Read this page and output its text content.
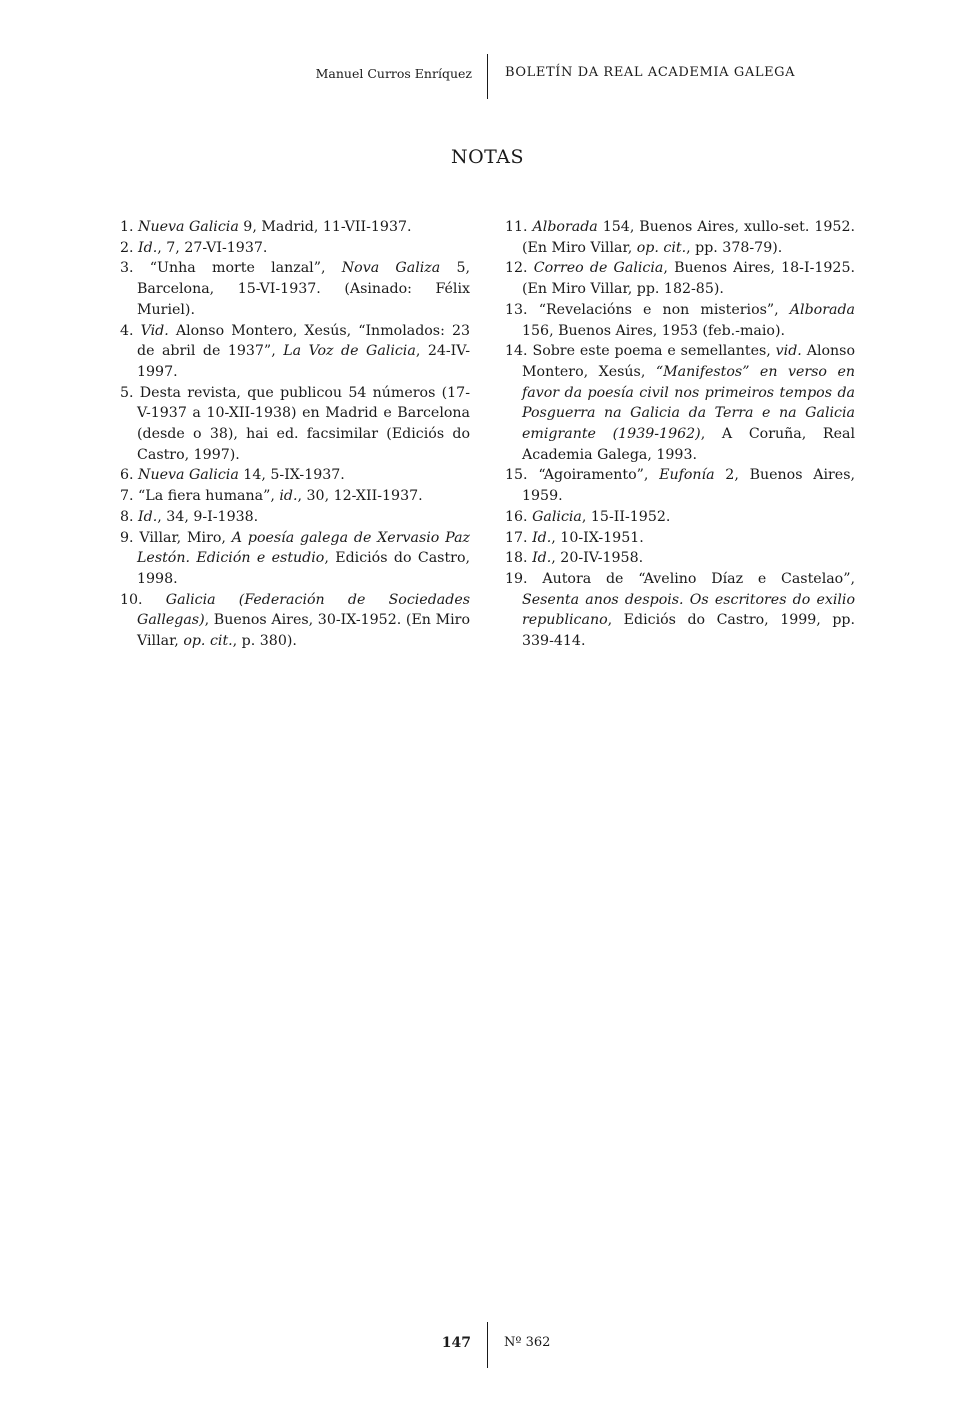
Manuel Curros Enríquez	BOLETÍN DA REAL ACADEMIA GALEGA
NOTAS

1. Nueva Galicia 9, Madrid, 11-VII-1937.

2. Id., 7, 27-VI-1937.

3. “Unha morte lanzal”, Nova Galiza 5, Barcelona, 15-VI-1937. (Asinado: Félix Muriel).

4. Vid. Alonso Montero, Xesús, “Inmolados: 23 de abril de 1937”, La Voz de Galicia, 24-IV-1997.

5. Desta revista, que publicou 54 números (17-V-1937 a 10-XII-1938) en Madrid e Barcelona (desde o 38), hai ed. facsimilar (Ediciós do Castro, 1997).

6. Nueva Galicia 14, 5-IX-1937.

7. “La fiera humana”, id., 30, 12-XII-1937.

8. Id., 34, 9-I-1938.

9. Villar, Miro, A poesía galega de Xervasio Paz Lestón. Edición e estudio, Ediciós do Castro, 1998.

10. Galicia (Federación de Sociedades Gallegas), Buenos Aires, 30-IX-1952. (En Miro Villar, op. cit., p. 380).

11. Alborada 154, Buenos Aires, xullo-set. 1952. (En Miro Villar, op. cit., pp. 378-79).

12. Correo de Galicia, Buenos Aires, 18-I-1925. (En Miro Villar, pp. 182-85).

13. “Revelacións e non misterios”, Alborada 156, Buenos Aires, 1953 (feb.-maio).

14. Sobre este poema e semellantes, vid. Alonso Montero, Xesús, “Manifestos” en verso en favor da poesía civil nos primeiros tempos da Posguerra na Galicia da Terra e na Galicia emigrante (1939-1962), A Coruña, Real Academia Galega, 1993.

15. “Agoiramento”, Eufonía 2, Buenos Aires, 1959.

16. Galicia, 15-II-1952.

17. Id., 10-IX-1951.

18. Id., 20-IV-1958.

19. Autora de “Avelino Díaz e Castelao”, Sesenta anos despois. Os escritores do exilio republicano, Ediciós do Castro, 1999, pp. 339-414.

147	Nº 362
